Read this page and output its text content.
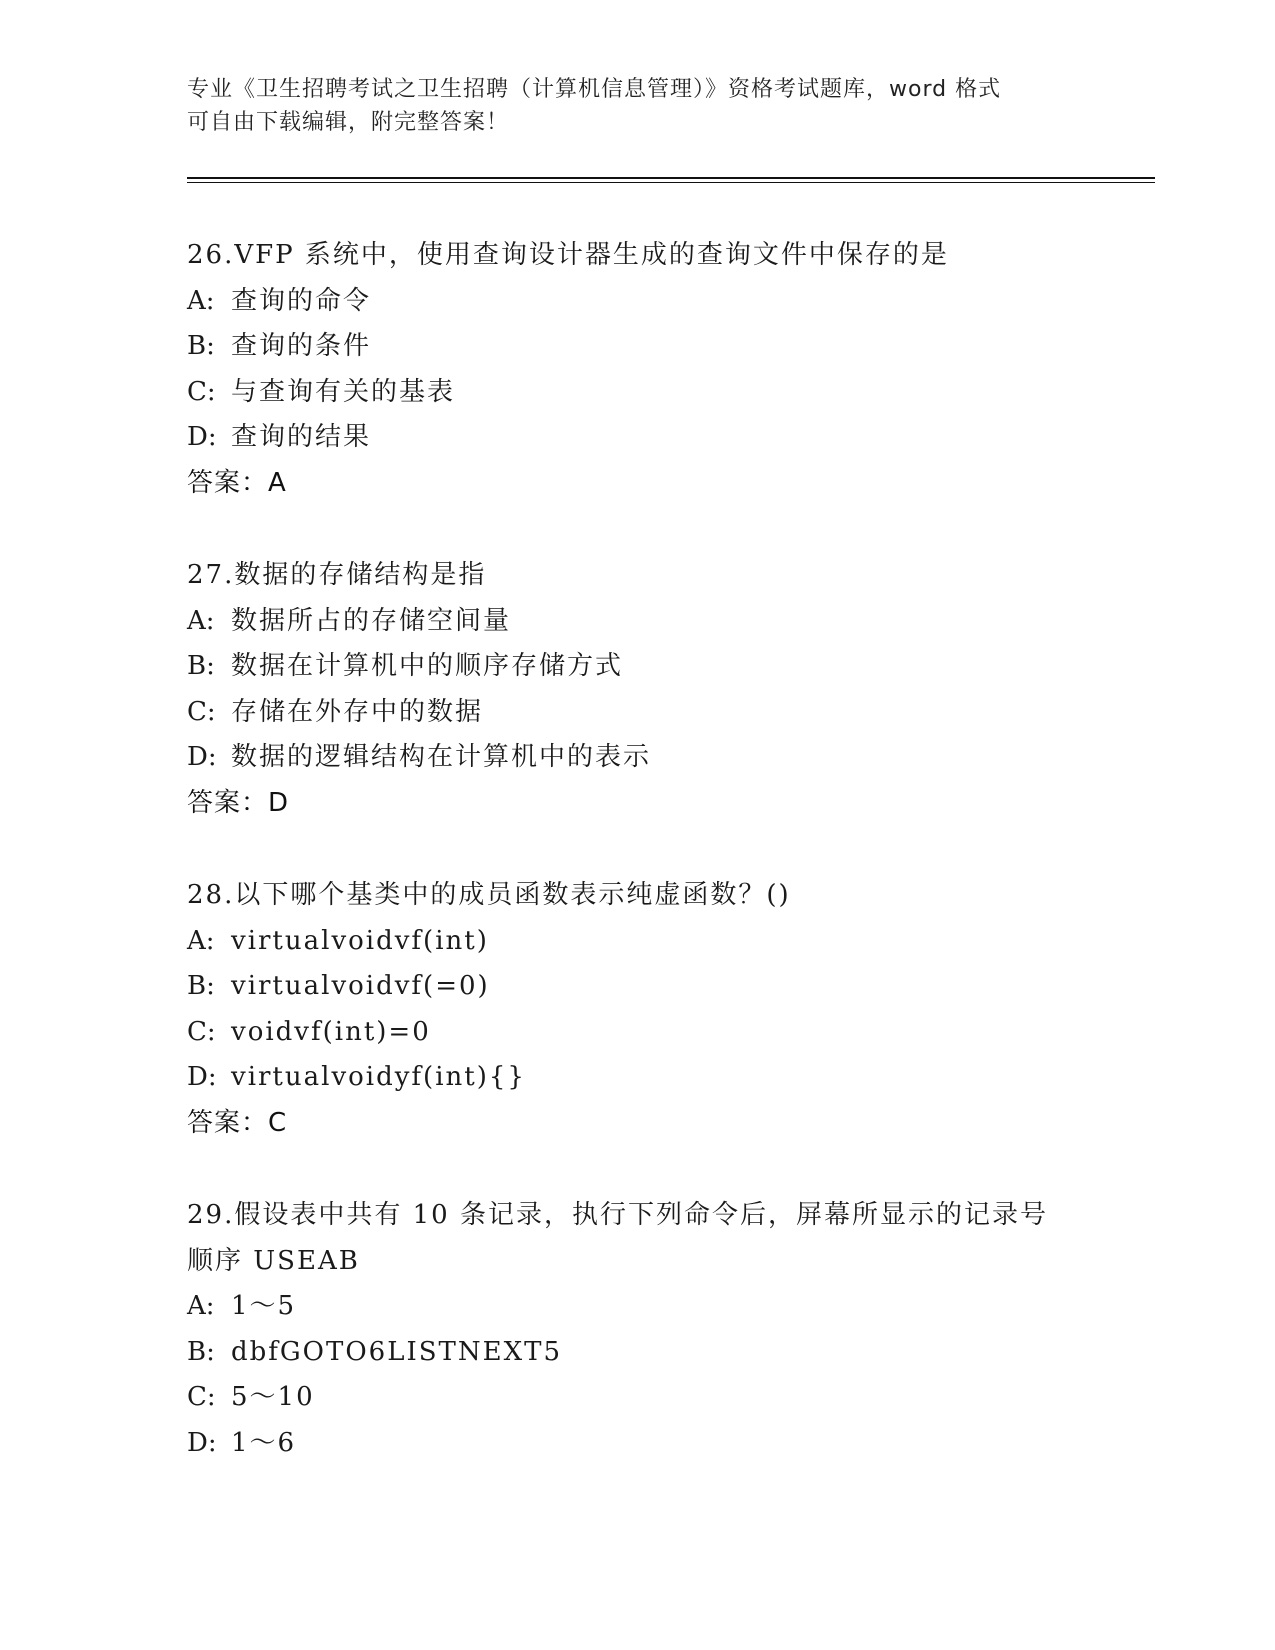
专业《卫生招聘考试之卫生招聘（计算机信息管理）》资格考试题库，word 格式
可自由下载编辑，附完整答案！
26.VFP 系统中，使用查询设计器生成的查询文件中保存的是
A: 查询的命令
B: 查询的条件
C: 与查询有关的基表
D: 查询的结果
答案：A
27.数据的存储结构是指
A: 数据所占的存储空间量
B: 数据在计算机中的顺序存储方式
C: 存储在外存中的数据
D: 数据的逻辑结构在计算机中的表示
答案：D
28.以下哪个基类中的成员函数表示纯虚函数？()
A: virtualvoidvf(int)
B: virtualvoidvf(=0)
C: voidvf(int)=0
D: virtualvoidyf(int){}
答案：C
29.假设表中共有 10 条记录，执行下列命令后，屏幕所显示的记录号
顺序 USEAB
A: 1～5
B: dbfGOTO6LISTNEXT5
C: 5～10
D: 1～6
